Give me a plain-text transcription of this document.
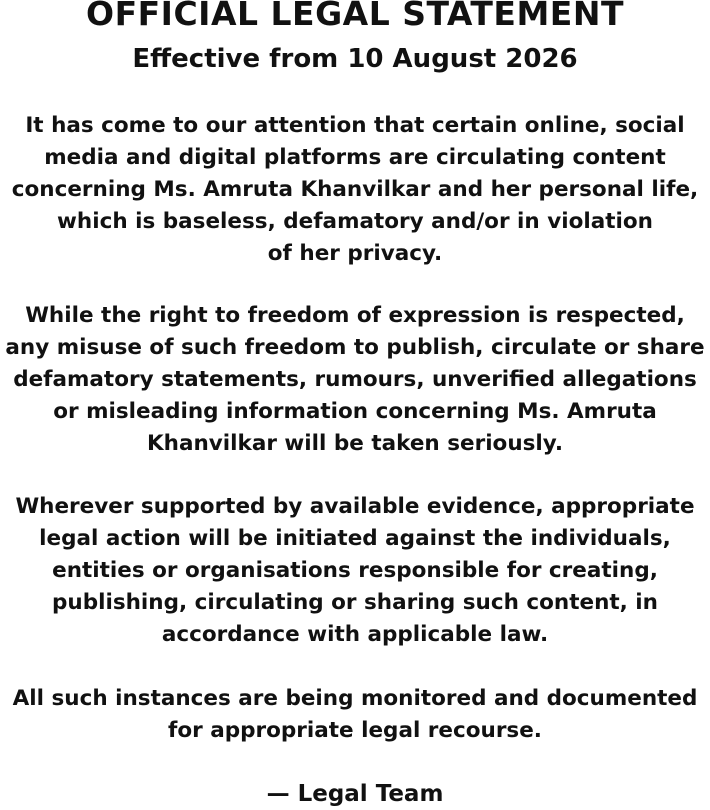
OFFICIAL LEGAL STATEMENT
Effective from 10 August 2026

It has come to our attention that certain online, social
media and digital platforms are circulating content
concerning Ms. Amruta Khanvilkar and her personal life,
which is baseless, defamatory and/or in violation
of her privacy.

While the right to freedom of expression is respected,
any misuse of such freedom to publish, circulate or share
defamatory statements, rumours, unverified allegations
or misleading information concerning Ms. Amruta
Khanvilkar will be taken seriously.

Wherever supported by available evidence, appropriate
legal action will be initiated against the individuals,
entities or organisations responsible for creating,
publishing, circulating or sharing such content, in
accordance with applicable law.

All such instances are being monitored and documented
for appropriate legal recourse.

— Legal Team
